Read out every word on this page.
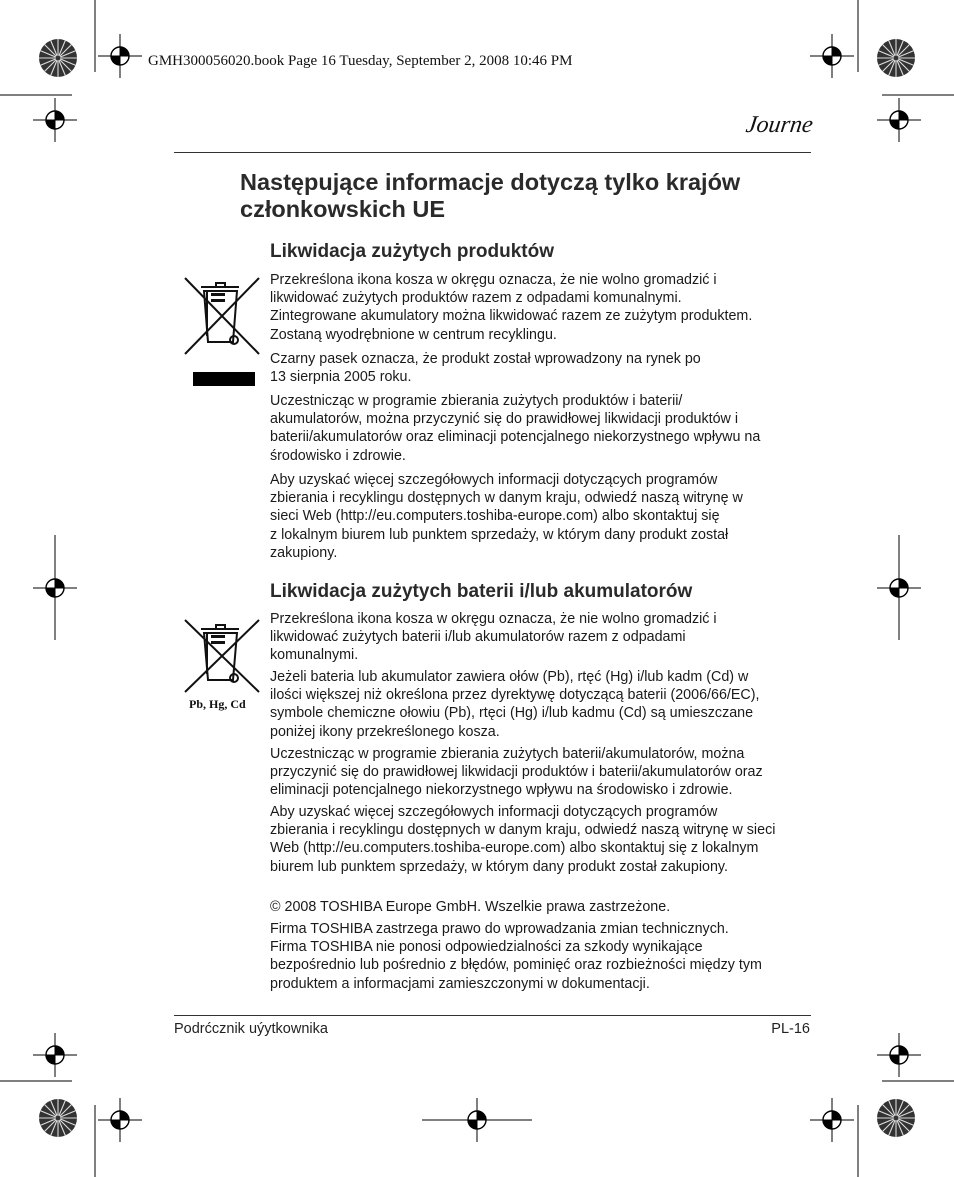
GMH300056020.book Page 16 Tuesday, September 2, 2008 10:46 PM
Journe
Następujące informacje dotyczą tylko krajów członkowskich UE
Likwidacja zużytych produktów
Przekreślona ikona kosza w okręgu oznacza, że nie wolno gromadzić i
likwidować zużytych produktów razem z odpadami komunalnymi.
Zintegrowane akumulatory można likwidować razem ze zużytym produktem.
Zostaną wyodrębnione w centrum recyklingu.
Czarny pasek oznacza, że produkt został wprowadzony na rynek po
13 sierpnia 2005 roku.
Uczestnicząc w programie zbierania zużytych produktów i baterii/
akumulatorów, można przyczynić się do prawidłowej likwidacji produktów i
baterii/akumulatorów oraz eliminacji potencjalnego niekorzystnego wpływu na
środowisko i zdrowie.
Aby uzyskać więcej szczegółowych informacji dotyczących programów
zbierania i recyklingu dostępnych w danym kraju, odwiedź naszą witrynę w
sieci Web (http://eu.computers.toshiba-europe.com) albo skontaktuj się
z lokalnym biurem lub punktem sprzedaży, w którym dany produkt został
zakupiony.
Likwidacja zużytych baterii i/lub akumulatorów
Pb, Hg, Cd
Przekreślona ikona kosza w okręgu oznacza, że nie wolno gromadzić i
likwidować zużytych baterii i/lub akumulatorów razem z odpadami
komunalnymi.
Jeżeli bateria lub akumulator zawiera ołów (Pb), rtęć (Hg) i/lub kadm (Cd) w
ilości większej niż określona przez dyrektywę dotyczącą baterii (2006/66/EC),
symbole chemiczne ołowiu (Pb), rtęci (Hg) i/lub kadmu (Cd) są umieszczane
poniżej ikony przekreślonego kosza.
Uczestnicząc w programie zbierania zużytych baterii/akumulatorów, można
przyczynić się do prawidłowej likwidacji produktów i baterii/akumulatorów oraz
eliminacji potencjalnego niekorzystnego wpływu na środowisko i zdrowie.
Aby uzyskać więcej szczegółowych informacji dotyczących programów
zbierania i recyklingu dostępnych w danym kraju, odwiedź naszą witrynę w sieci
Web (http://eu.computers.toshiba-europe.com) albo skontaktuj się z lokalnym
biurem lub punktem sprzedaży, w którym dany produkt został zakupiony.
© 2008 TOSHIBA Europe GmbH. Wszelkie prawa zastrzeżone.
Firma TOSHIBA zastrzega prawo do wprowadzania zmian technicznych.
Firma TOSHIBA nie ponosi odpowiedzialności za szkody wynikające
bezpośrednio lub pośrednio z błędów, pominięć oraz rozbieżności między tym
produktem a informacjami zamieszczonymi w dokumentacji.
Podrćcznik uýytkownika	PL-16
